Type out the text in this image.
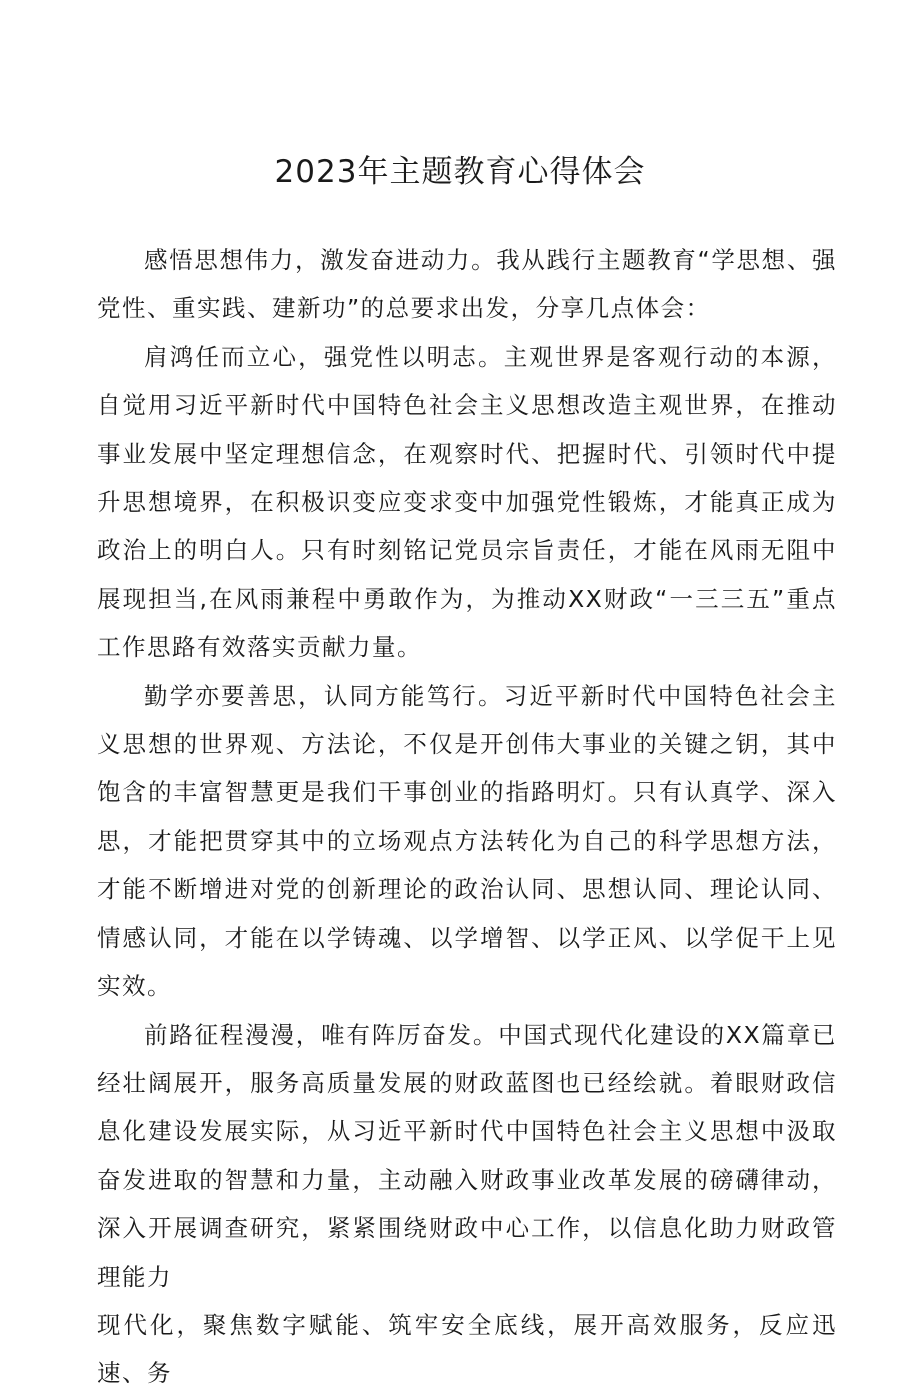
2023年主题教育心得体会

感悟思想伟力，激发奋进动力。我从践行主题教育“学思想、强党性、重实践、建新功”的总要求出发，分享几点体会：

肩鸿任而立心，强党性以明志。主观世界是客观行动的本源，自觉用习近平新时代中国特色社会主义思想改造主观世界，在推动事业发展中坚定理想信念，在观察时代、把握时代、引领时代中提升思想境界，在积极识变应变求变中加强党性锻炼，才能真正成为政治上的明白人。只有时刻铭记党员宗旨责任，才能在风雨无阻中展现担当,在风雨兼程中勇敢作为，为推动XX财政“一三三五”重点工作思路有效落实贡献力量。

勤学亦要善思，认同方能笃行。习近平新时代中国特色社会主义思想的世界观、方法论，不仅是开创伟大事业的关键之钥，其中饱含的丰富智慧更是我们干事创业的指路明灯。只有认真学、深入思，才能把贯穿其中的立场观点方法转化为自己的科学思想方法，才能不断增进对党的创新理论的政治认同、思想认同、理论认同、情感认同，才能在以学铸魂、以学增智、以学正风、以学促干上见实效。

前路征程漫漫，唯有阵厉奋发。中国式现代化建设的XX篇章已经壮阔展开，服务高质量发展的财政蓝图也已经绘就。着眼财政信息化建设发展实际，从习近平新时代中国特色社会主义思想中汲取奋发进取的智慧和力量，主动融入财政事业改革发展的磅礴律动，深入开展调查研究，紧紧围绕财政中心工作，以信息化助力财政管理能力

现代化，聚焦数字赋能、筑牢安全底线，展开高效服务，反应迅速、务
